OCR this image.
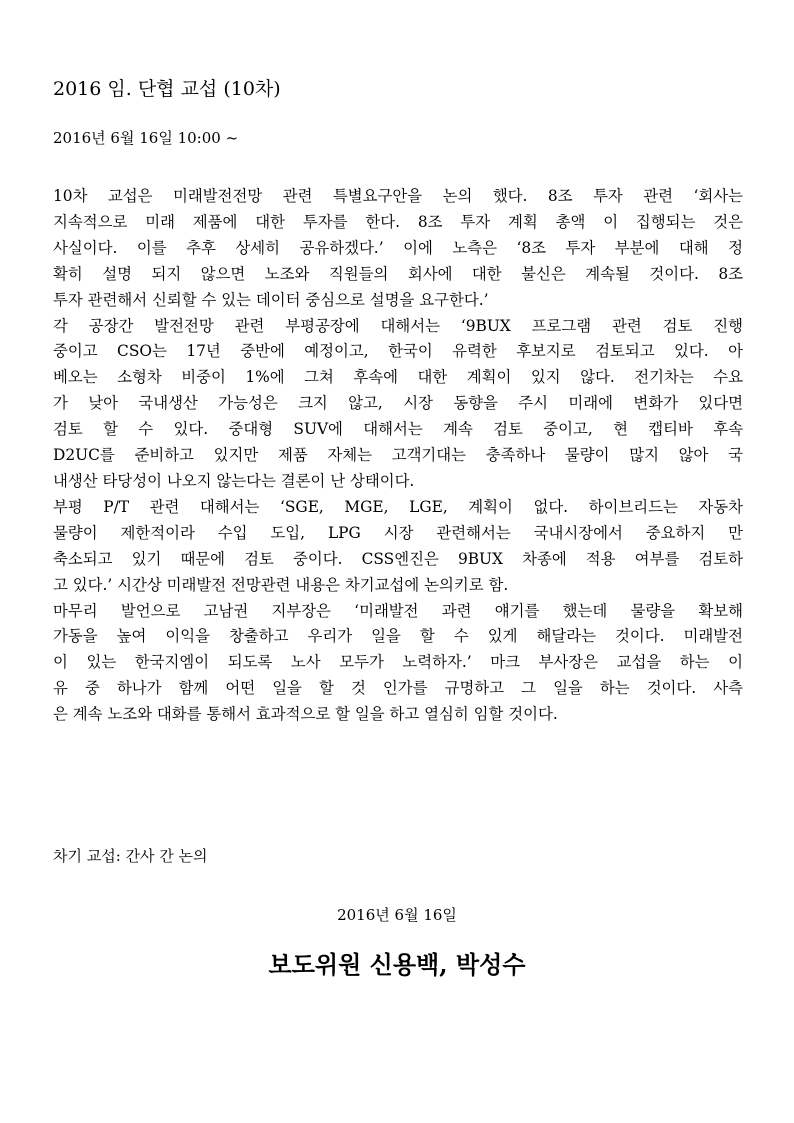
2016 임. 단협 교섭 (10차)
2016년 6월 16일 10:00 ~
10차 교섭은 미래발전전망 관련 특별요구안을 논의 했다. 8조 투자 관련 ‘회사는
지속적으로 미래 제품에 대한 투자를 한다. 8조 투자 계획 총액 이 집행되는 것은
사실이다. 이를 추후 상세히 공유하겠다.’ 이에 노측은 ‘8조 투자 부분에 대해 정
확히 설명 되지 않으면 노조와 직원들의 회사에 대한 불신은 계속될 것이다. 8조
투자 관련해서 신뢰할 수 있는 데이터 중심으로 설명을 요구한다.’
각 공장간 발전전망 관련 부평공장에 대해서는 ‘9BUX 프로그램 관련 검토 진행
중이고 CSO는 17년 중반에 예정이고, 한국이 유력한 후보지로 검토되고 있다. 아
베오는 소형차 비중이 1%에 그쳐 후속에 대한 계획이 있지 않다. 전기차는 수요
가 낮아 국내생산 가능성은 크지 않고, 시장 동향을 주시 미래에 변화가 있다면
검토 할 수 있다. 중대형 SUV에 대해서는 계속 검토 중이고, 현 캡티바 후속
D2UC를 준비하고 있지만 제품 자체는 고객기대는 충족하나 물량이 많지 않아 국
내생산 타당성이 나오지 않는다는 결론이 난 상태이다.
부평 P/T 관련 대해서는 ‘SGE, MGE, LGE, 계획이 없다. 하이브리드는 자동차
물량이 제한적이라 수입 도입, LPG 시장 관련해서는 국내시장에서 중요하지 만
축소되고 있기 때문에 검토 중이다. CSS엔진은 9BUX 차종에 적용 여부를 검토하
고 있다.’ 시간상 미래발전 전망관련 내용은 차기교섭에 논의키로 함.
마무리 발언으로 고남권 지부장은 ‘미래발전 과련 얘기를 했는데 물량을 확보해
가동을 높여 이익을 창출하고 우리가 일을 할 수 있게 해달라는 것이다. 미래발전
이 있는 한국지엠이 되도록 노사 모두가 노력하자.’ 마크 부사장은 교섭을 하는 이
유 중 하나가 함께 어떤 일을 할 것 인가를 규명하고 그 일을 하는 것이다. 사측
은 계속 노조와 대화를 통해서 효과적으로 할 일을 하고 열심히 임할 것이다.
차기 교섭: 간사 간 논의
2016년 6월 16일
보도위원 신용백, 박성수
